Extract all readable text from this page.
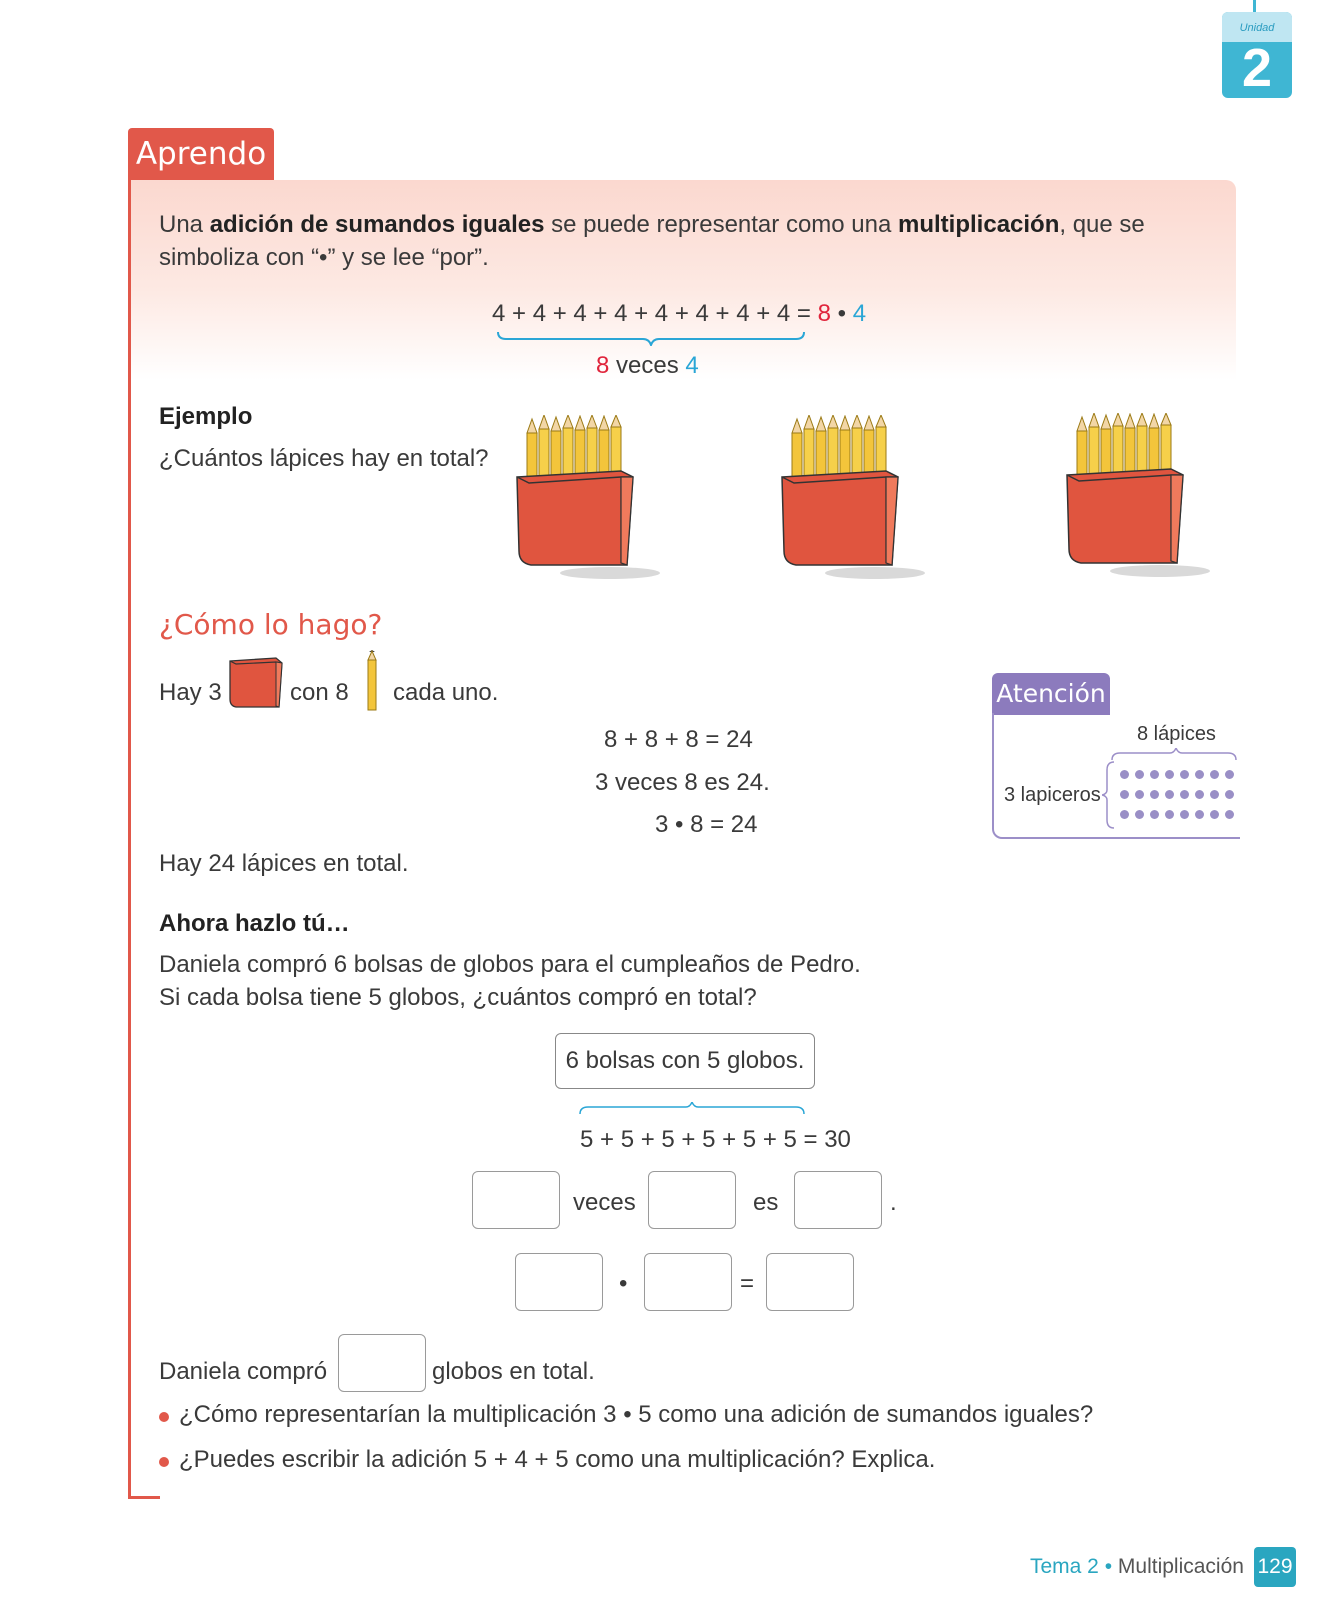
Unidad
2
Aprendo
Una adición de sumandos iguales se puede representar como una multiplicación, que se
simboliza con “•” y se lee “por”.
4 + 4 + 4 + 4 + 4 + 4 + 4 + 4 = 8 • 4
8 veces 4
Ejemplo
¿Cuántos lápices hay en total?
¿Cómo lo hago?
Hay 3	con 8 cada uno.
8 + 8 + 8 = 24
3 veces 8 es 24.
3 • 8 = 24
Hay 24 lápices en total.
Atención
8 lápices
3 lapiceros
Ahora hazlo tú…
Daniela compró 6 bolsas de globos para el cumpleaños de Pedro.
Si cada bolsa tiene 5 globos, ¿cuántos compró en total?
6 bolsas con 5 globos.
5 + 5 + 5 + 5 + 5 + 5 = 30
veces	es	.
•	=
Daniela compró	globos en total.
¿Cómo representarían la multiplicación 3 • 5 como una adición de sumandos iguales?
¿Puedes escribir la adición 5 + 4 + 5 como una multiplicación? Explica.
Tema 2 • Multiplicación 129
